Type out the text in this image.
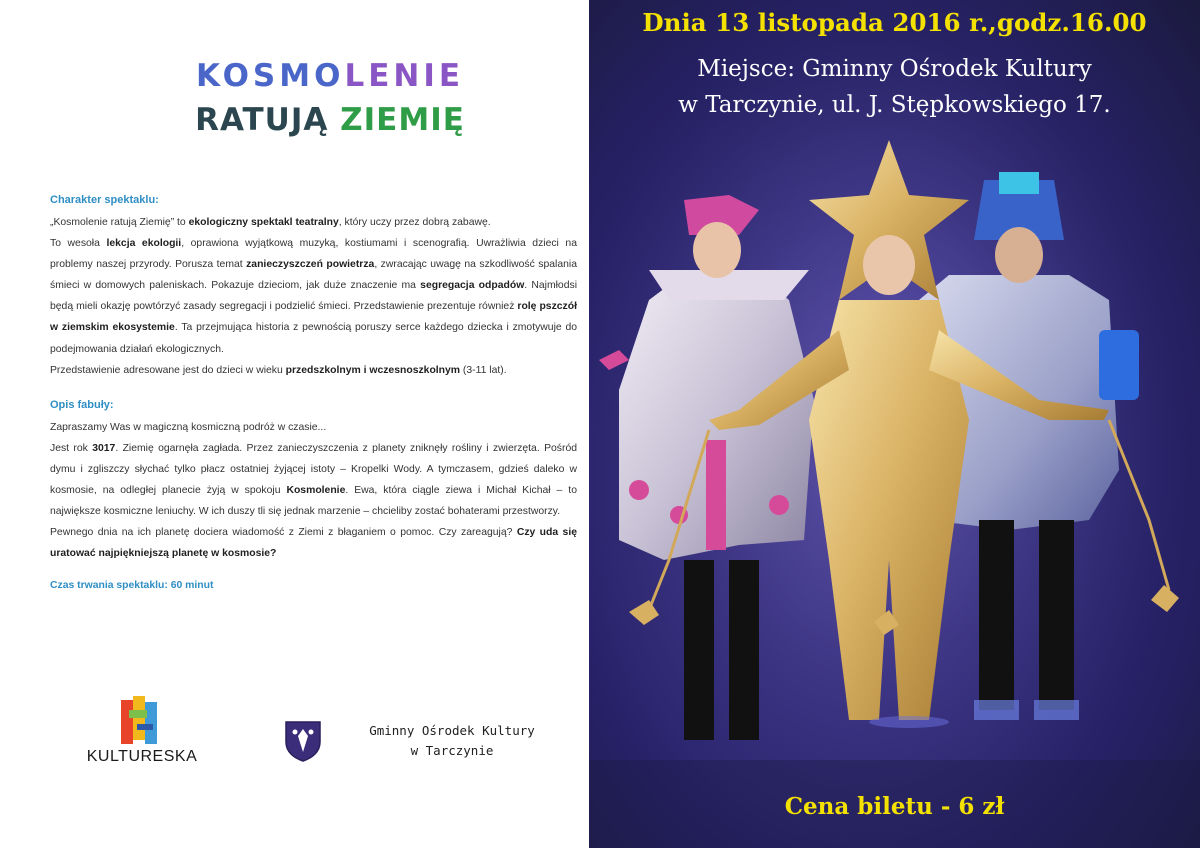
KOSMOLENIE
RATUJĄ ZIEMIĘ
Charakter spektaklu:

„Kosmolenie ratują Ziemię” to ekologiczny spektakl teatralny, który uczy przez dobrą zabawę.

To wesoła lekcja ekologii, oprawiona wyjątkową muzyką, kostiumami i scenografią. Uwrażliwia dzieci na problemy naszej przyrody. Porusza temat zanieczyszczeń powietrza, zwracając uwagę na szkodliwość spalania śmieci w domowych paleniskach. Pokazuje dzieciom, jak duże znaczenie ma segregacja odpadów. Najmłodsi będą mieli okazję powtórzyć zasady segregacji i podzielić śmieci. Przedstawienie prezentuje również rolę pszczół w ziemskim ekosystemie. Ta przejmująca historia z pewnością poruszy serce każdego dziecka i zmotywuje do podejmowania działań ekologicznych.

Przedstawienie adresowane jest do dzieci w wieku przedszkolnym i wczesnoszkolnym (3-11 lat).

Opis fabuły:

Zapraszamy Was w magiczną kosmiczną podróż w czasie...

Jest rok 3017. Ziemię ogarnęła zagłada. Przez zanieczyszczenia z planety zniknęły rośliny i zwierzęta. Pośród dymu i zgliszczy słychać tylko płacz ostatniej żyjącej istoty – Kropelki Wody. A tymczasem, gdzieś daleko w kosmosie, na odległej planecie żyją w spokoju Kosmolenie. Ewa, która ciągle ziewa i Michał Kichał – to największe kosmiczne leniuchy. W ich duszy tli się jednak marzenie – chcieliby zostać bohaterami przestworzy.

Pewnego dnia na ich planetę dociera wiadomość z Ziemi z błaganiem o pomoc. Czy zareagują? Czy uda się uratować najpiękniejszą planetę w kosmosie?

Czas trwania spektaklu: 60 minut
KULTURESKA
Gminny Ośrodek Kultury
w Tarczynie
Dnia 13 listopada 2016 r.,godz.16.00
Miejsce: Gminny Ośrodek Kultury
w Tarczynie, ul. J. Stępkowskiego 17.
Cena biletu - 6 zł
